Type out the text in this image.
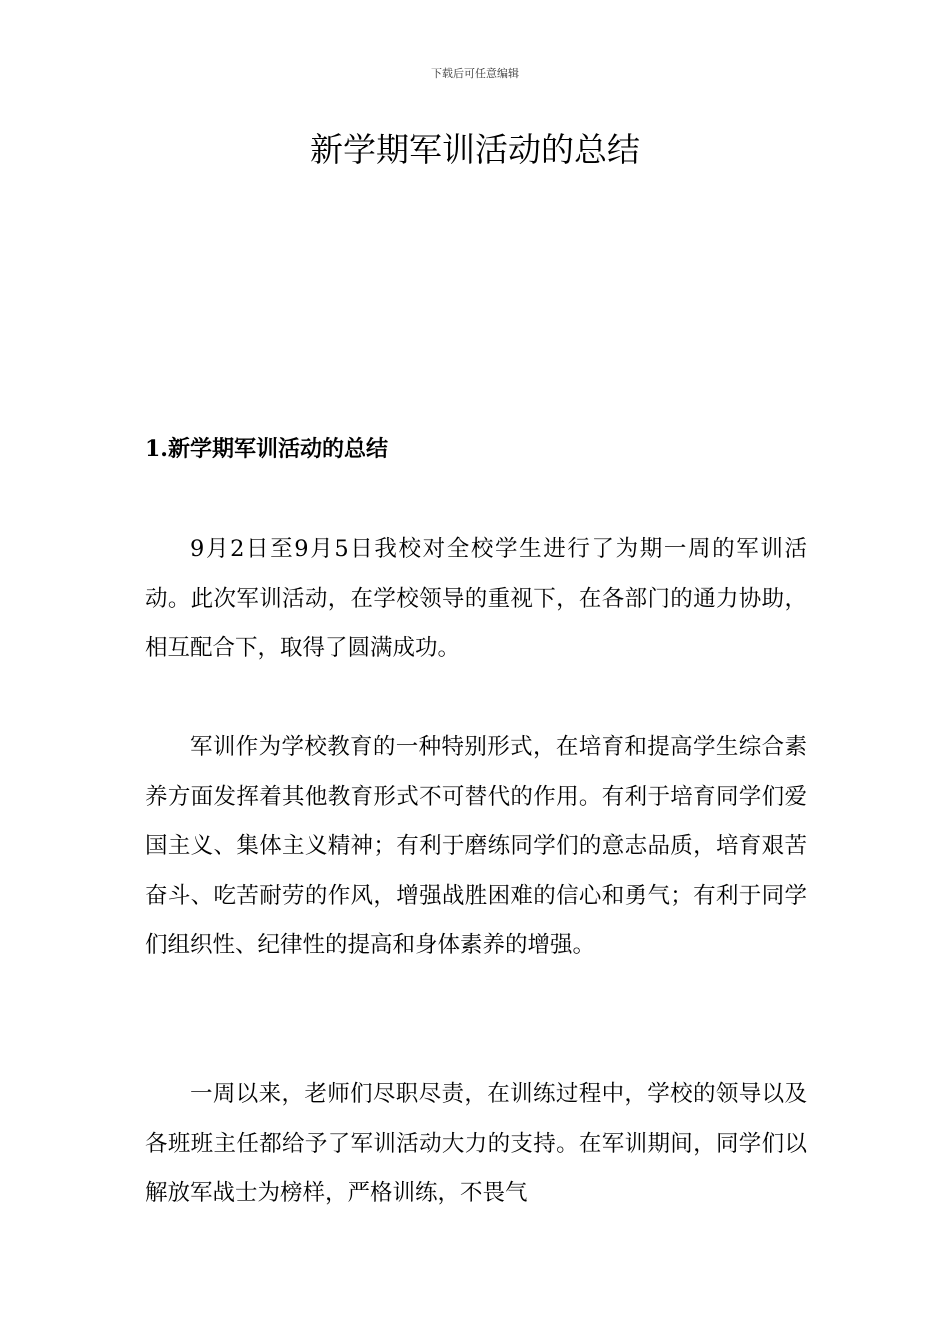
下载后可任意编辑
新学期军训活动的总结
1.新学期军训活动的总结

9月2日至9月5日我校对全校学生进行了为期一周的军训活动。此次军训活动，在学校领导的重视下，在各部门的通力协助，相互配合下，取得了圆满成功。

军训作为学校教育的一种特别形式，在培育和提高学生综合素养方面发挥着其他教育形式不可替代的作用。有利于培育同学们爱国主义、集体主义精神；有利于磨练同学们的意志品质，培育艰苦奋斗、吃苦耐劳的作风，增强战胜困难的信心和勇气；有利于同学们组织性、纪律性的提高和身体素养的增强。

一周以来，老师们尽职尽责，在训练过程中，学校的领导以及各班班主任都给予了军训活动大力的支持。在军训期间，同学们以解放军战士为榜样，严格训练，不畏气
